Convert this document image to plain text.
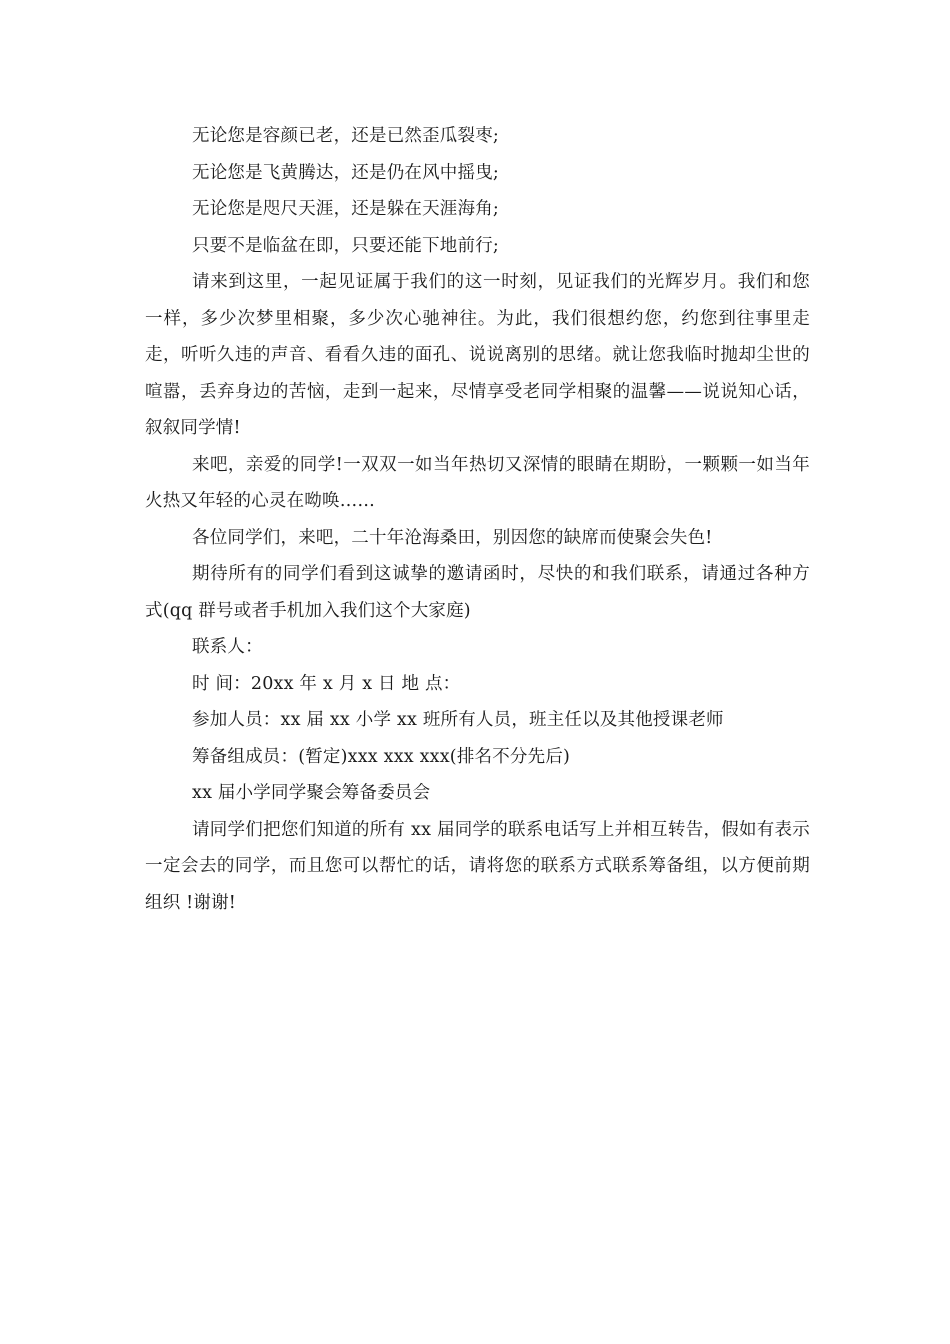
无论您是容颜已老，还是已然歪瓜裂枣;

无论您是飞黄腾达，还是仍在风中摇曳;

无论您是咫尺天涯，还是躲在天涯海角;

只要不是临盆在即，只要还能下地前行;

请来到这里，一起见证属于我们的这一时刻，见证我们的光辉岁月。我们和您一样，多少次梦里相聚，多少次心驰神往。为此，我们很想约您，约您到往事里走走，听听久违的声音、看看久违的面孔、说说离别的思绪。就让您我临时抛却尘世的喧嚣，丢弃身边的苦恼，走到一起来，尽情享受老同学相聚的温馨——说说知心话，叙叙同学情!

来吧，亲爱的同学!一双双一如当年热切又深情的眼睛在期盼，一颗颗一如当年火热又年轻的心灵在呦唤……

各位同学们，来吧，二十年沧海桑田，别因您的缺席而使聚会失色!

期待所有的同学们看到这诚挚的邀请函时，尽快的和我们联系，请通过各种方式(qq 群号或者手机加入我们这个大家庭)

联系人：

时 间：20xx 年 x 月 x 日 地 点：

参加人员：xx 届 xx 小学 xx 班所有人员，班主任以及其他授课老师

筹备组成员：(暂定)xxx xxx xxx(排名不分先后)

xx 届小学同学聚会筹备委员会

请同学们把您们知道的所有 xx 届同学的联系电话写上并相互转告，假如有表示一定会去的同学，而且您可以帮忙的话，请将您的联系方式联系筹备组，以方便前期组织 !谢谢!
